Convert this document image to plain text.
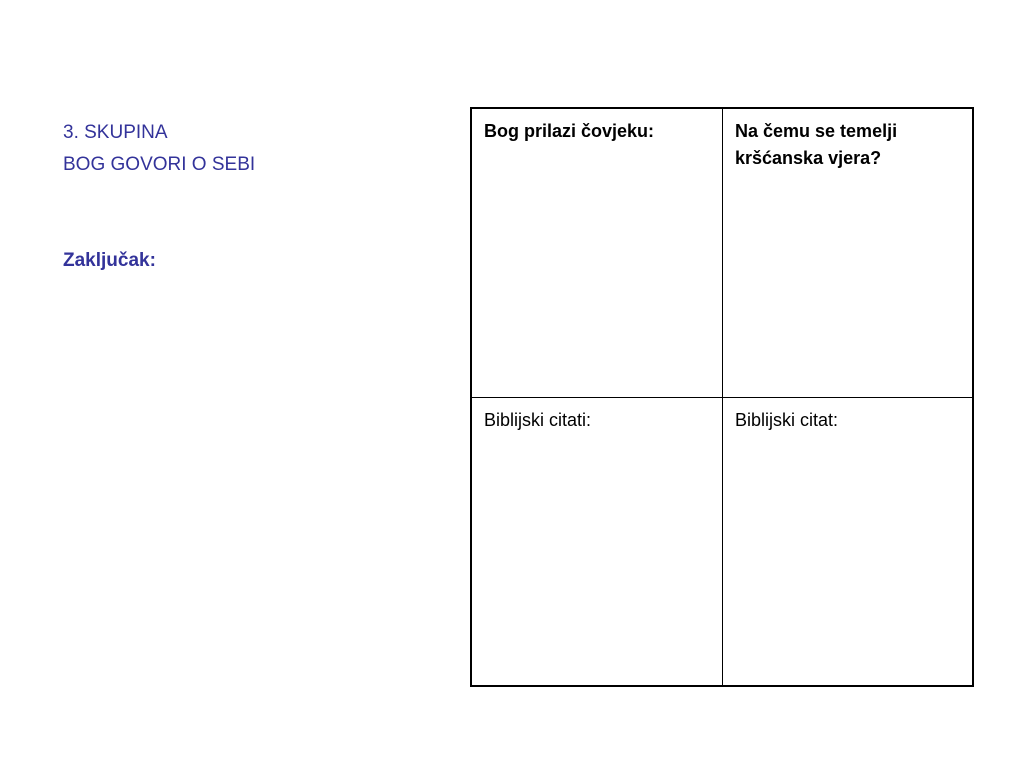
3. SKUPINA
BOG GOVORI O SEBI
Zaključak:
Bog prilazi čovjeku:	Na čemu se temelji
kršćanska vjera?
Biblijski citati:	Biblijski citat:
